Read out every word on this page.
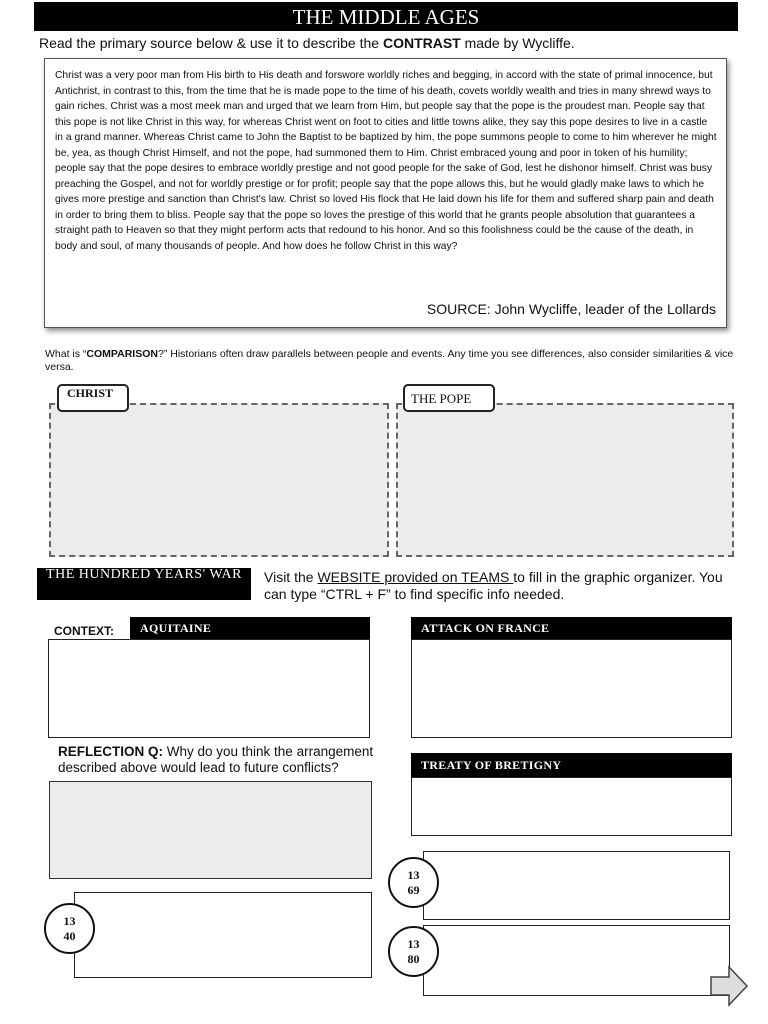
THE MIDDLE AGES
Read the primary source below & use it to describe the CONTRAST made by Wycliffe.
Christ was a very poor man from His birth to His death and forswore worldly riches and begging, in accord with the state of primal innocence, but Antichrist, in contrast to this, from the time that he is made pope to the time of his death, covets worldly wealth and tries in many shrewd ways to gain riches. Christ was a most meek man and urged that we learn from Him, but people say that the pope is the proudest man. People say that this pope is not like Christ in this way, for whereas Christ went on foot to cities and little towns alike, they say this pope desires to live in a castle in a grand manner. Whereas Christ came to John the Baptist to be baptized by him, the pope summons people to come to him wherever he might be, yea, as though Christ Himself, and not the pope, had summoned them to Him. Christ embraced young and poor in token of his humility; people say that the pope desires to embrace worldly prestige and not good people for the sake of God, lest he dishonor himself. Christ was busy preaching the Gospel, and not for worldly prestige or for profit; people say that the pope allows this, but he would gladly make laws to which he gives more prestige and sanction than Christ's law. Christ so loved His flock that He laid down his life for them and suffered sharp pain and death in order to bring them to bliss. People say that the pope so loves the prestige of this world that he grants people absolution that guarantees a straight path to Heaven so that they might perform acts that redound to his honor. And so this foolishness could be the cause of the death, in body and soul, of many thousands of people. And how does he follow Christ in this way?
SOURCE: John Wycliffe, leader of the Lollards
What is “COMPARISON?” Historians often draw parallels between people and events. Any time you see differences, also consider similarities & vice versa.
CHRIST	THE POPE
THE HUNDRED YEARS' WAR	Visit the WEBSITE provided on TEAMS to fill in the graphic organizer. You can type “CTRL + F” to find specific info needed.
CONTEXT:	AQUITAINE	ATTACK ON FRANCE
REFLECTION Q: Why do you think the arrangement described above would lead to future conflicts?	TREATY OF BRETIGNY
13
69
13
80
13
40
